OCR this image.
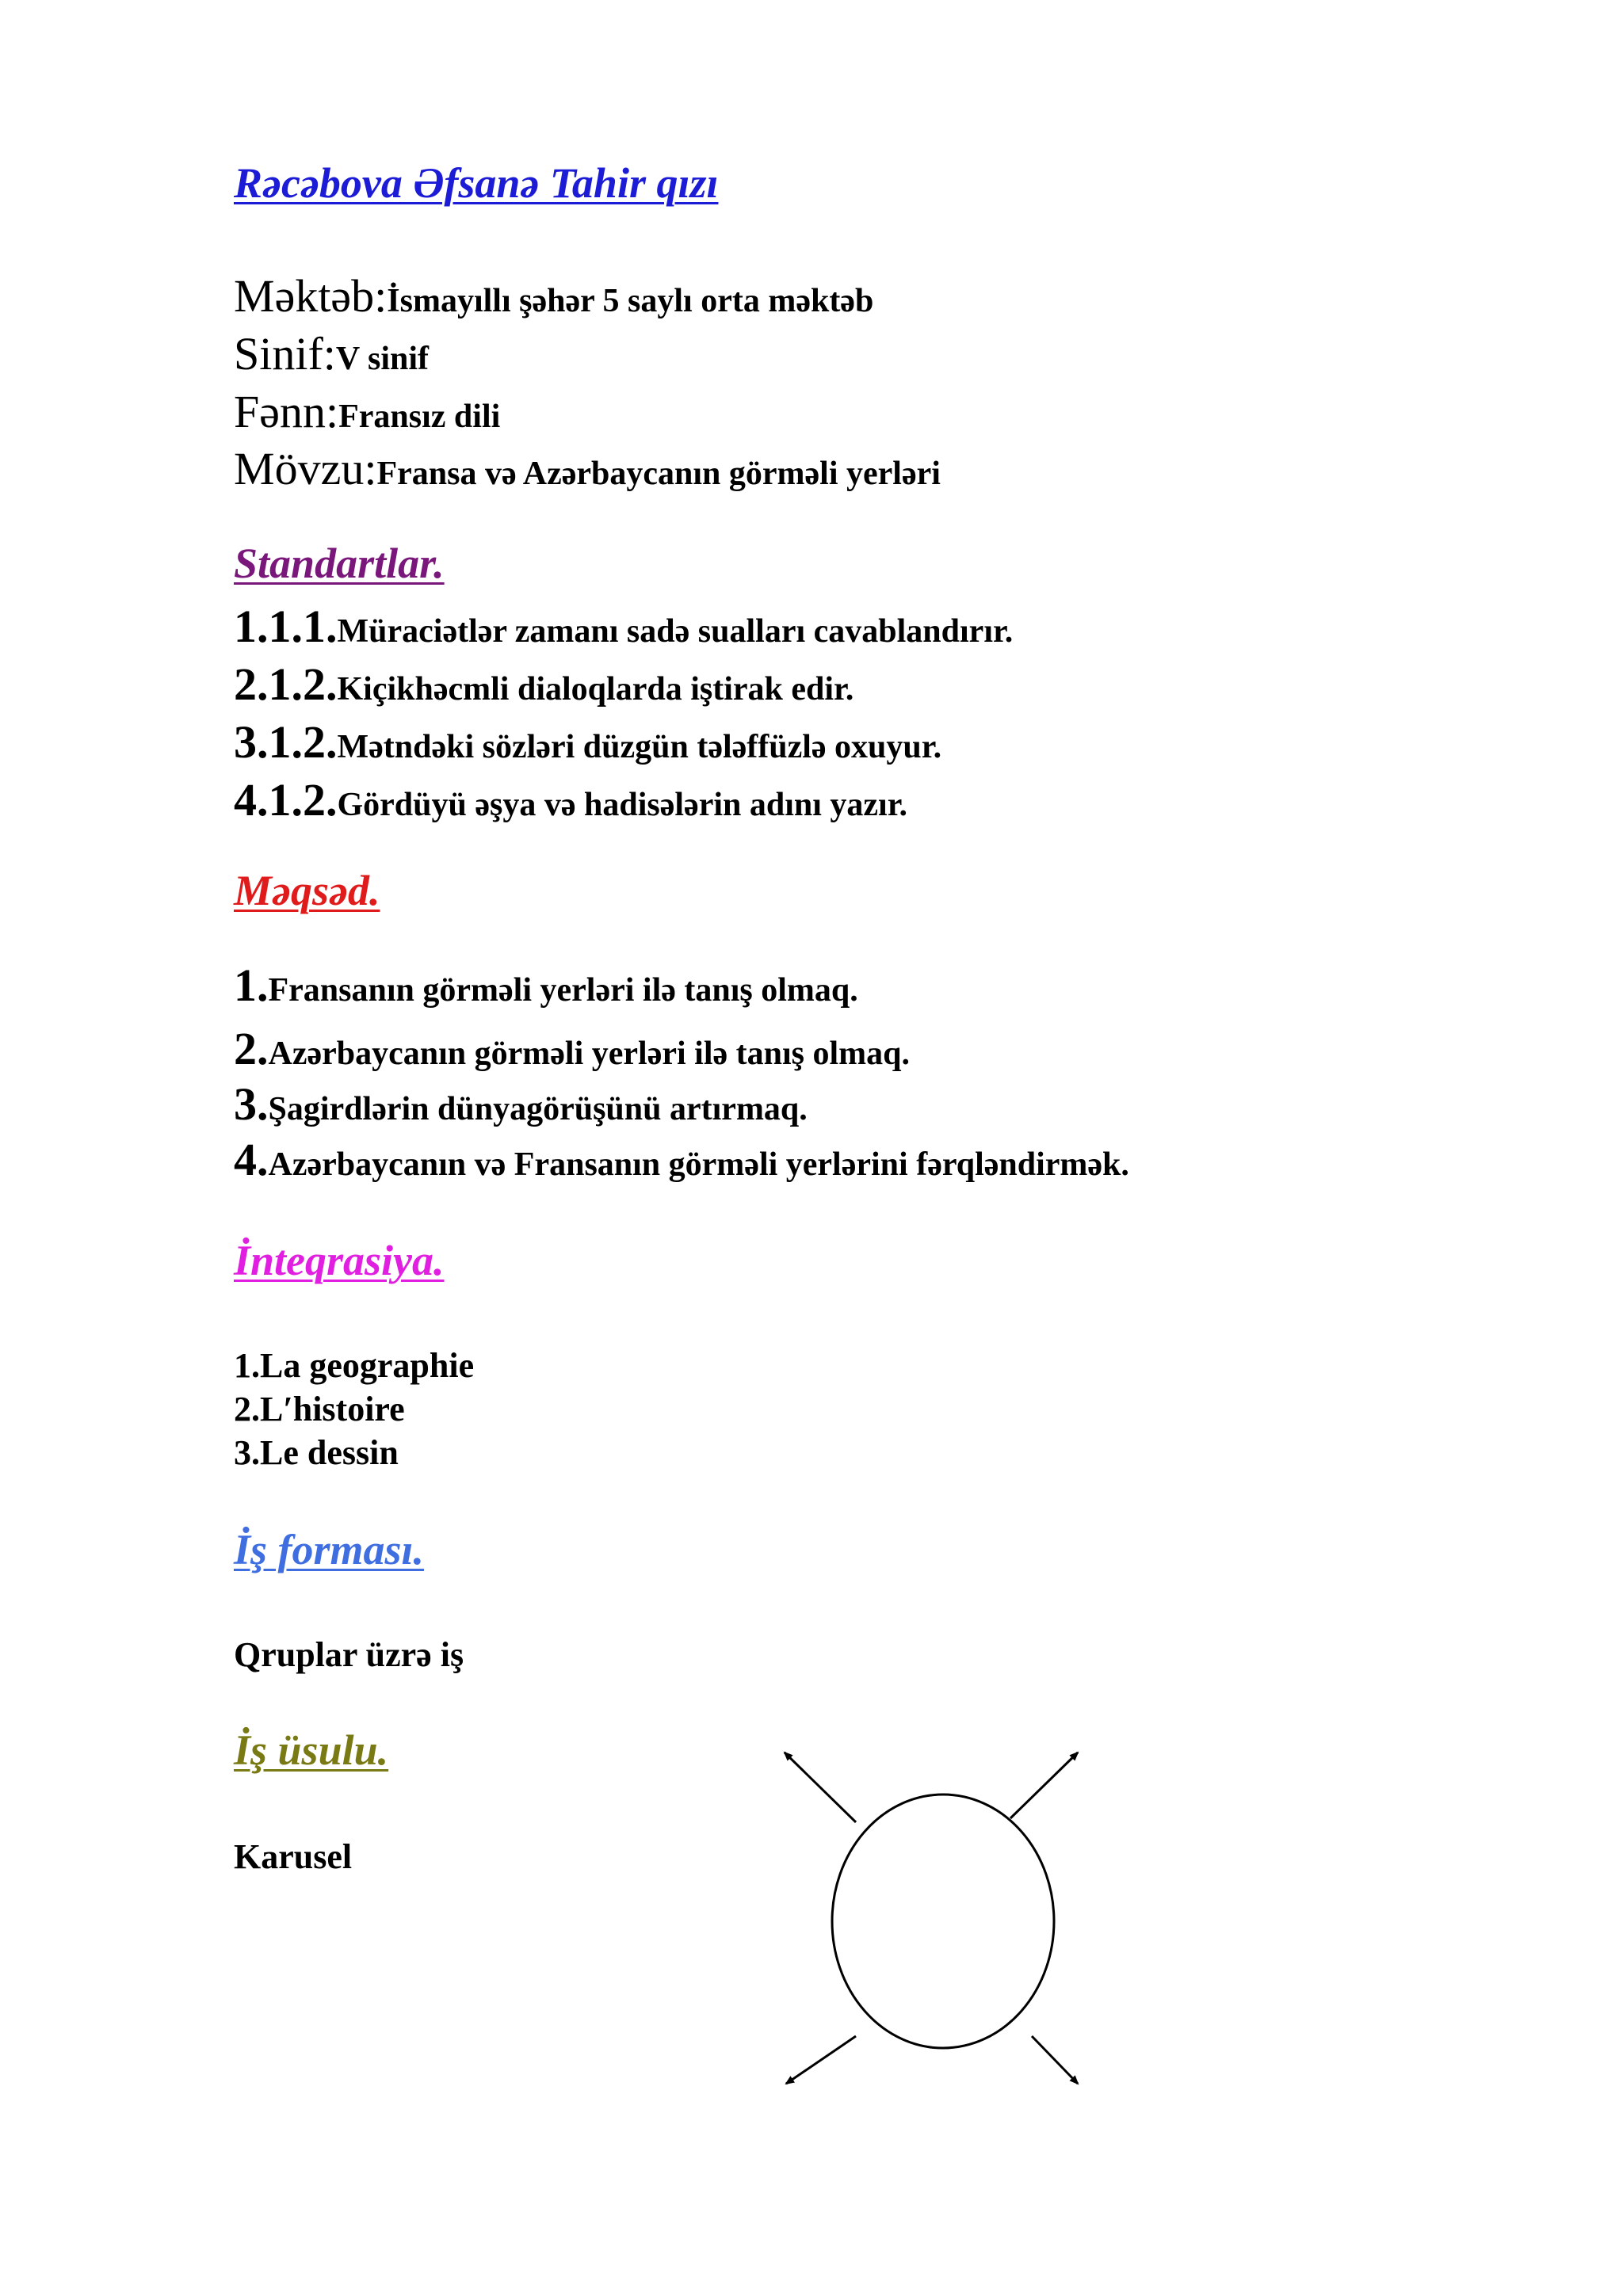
Rəcəbova Əfsanə Tahir qızı
Məktəb:İsmayıllı şəhər 5 saylı orta məktəb
Sinif:V sinif
Fənn:Fransız dili
Mövzu:Fransa və Azərbaycanın görməli yerləri
Standartlar.
1.1.1.Müraciətlər zamanı sadə sualları cavablandırır.
2.1.2.Kiçikhəcmli dialoqlarda iştirak edir.
3.1.2.Mətndəki sözləri düzgün tələffüzlə oxuyur.
4.1.2.Gördüyü əşya və hadisələrin adını yazır.
Məqsəd.
1.Fransanın görməli yerləri ilə tanış olmaq.
2.Azərbaycanın görməli yerləri ilə tanış olmaq.
3.Şagirdlərin dünyagörüşünü artırmaq.
4.Azərbaycanın və Fransanın görməli yerlərini fərqləndirmək.
İnteqrasiya.
1.La geographie
2.L′histoire
3.Le dessin
İş forması.
Qruplar üzrə iş
İş üsulu.
Karusel
